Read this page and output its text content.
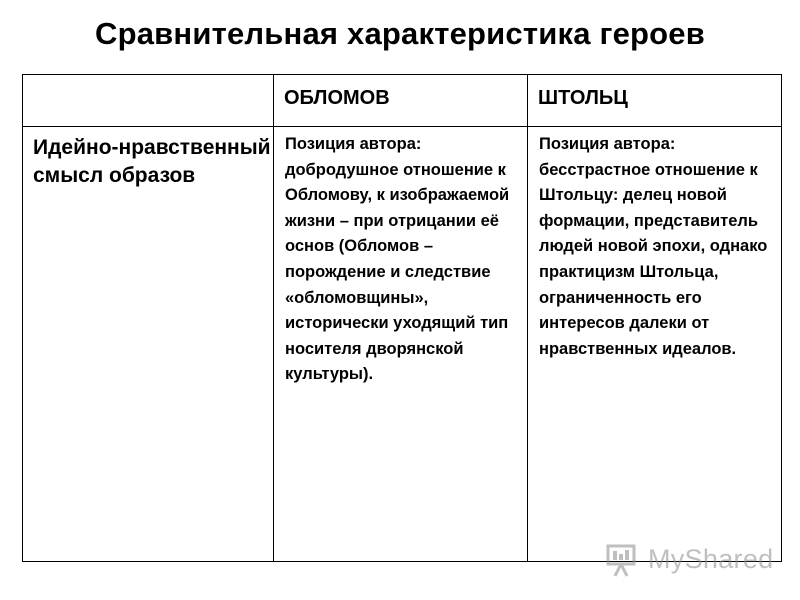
Сравнительная характеристика героев

	ОБЛОМОВ	ШТОЛЬЦ

Идейно-нравственный смысл образов	Позиция автора: добродушное отношение к Обломову, к изображаемой жизни – при отрицании её основ (Обломов – порождение и следствие «обломовщины», исторически уходящий тип носителя дворянской культуры).	Позиция автора: бесстрастное отношение к Штольцу: делец новой формации, представитель людей новой эпохи, однако практицизм Штольца, ограниченность его интересов далеки от нравственных идеалов.
MyShared
